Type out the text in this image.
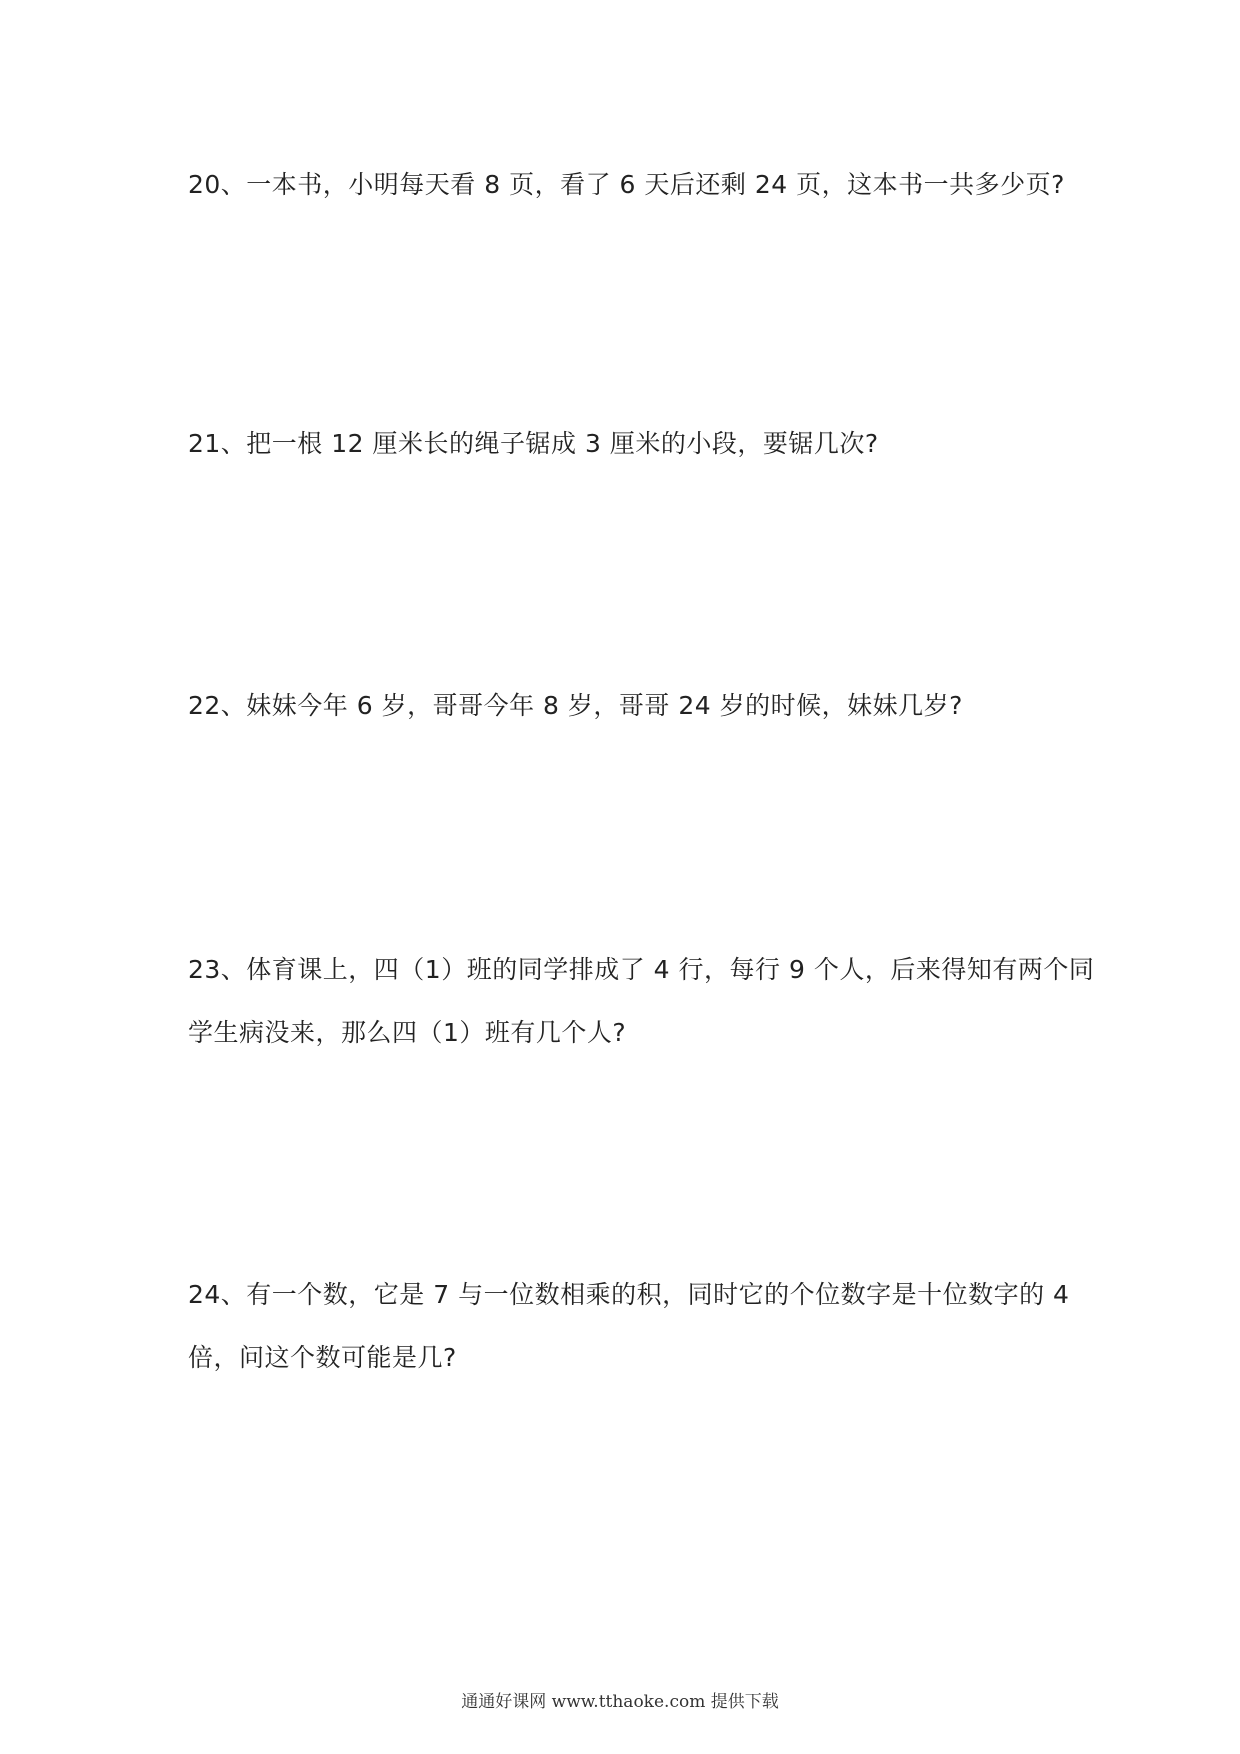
20、一本书，小明每天看 8 页，看了 6 天后还剩 24 页，这本书一共多少页?
21、把一根 12 厘米长的绳子锯成 3 厘米的小段，要锯几次?
22、妹妹今年 6 岁，哥哥今年 8 岁，哥哥 24 岁的时候，妹妹几岁?
23、体育课上，四（1）班的同学排成了 4 行，每行 9 个人，后来得知有两个同
学生病没来，那么四（1）班有几个人?
24、有一个数，它是 7 与一位数相乘的积，同时它的个位数字是十位数字的 4
倍，问这个数可能是几?
通通好课网 www.tthaoke.com 提供下载
